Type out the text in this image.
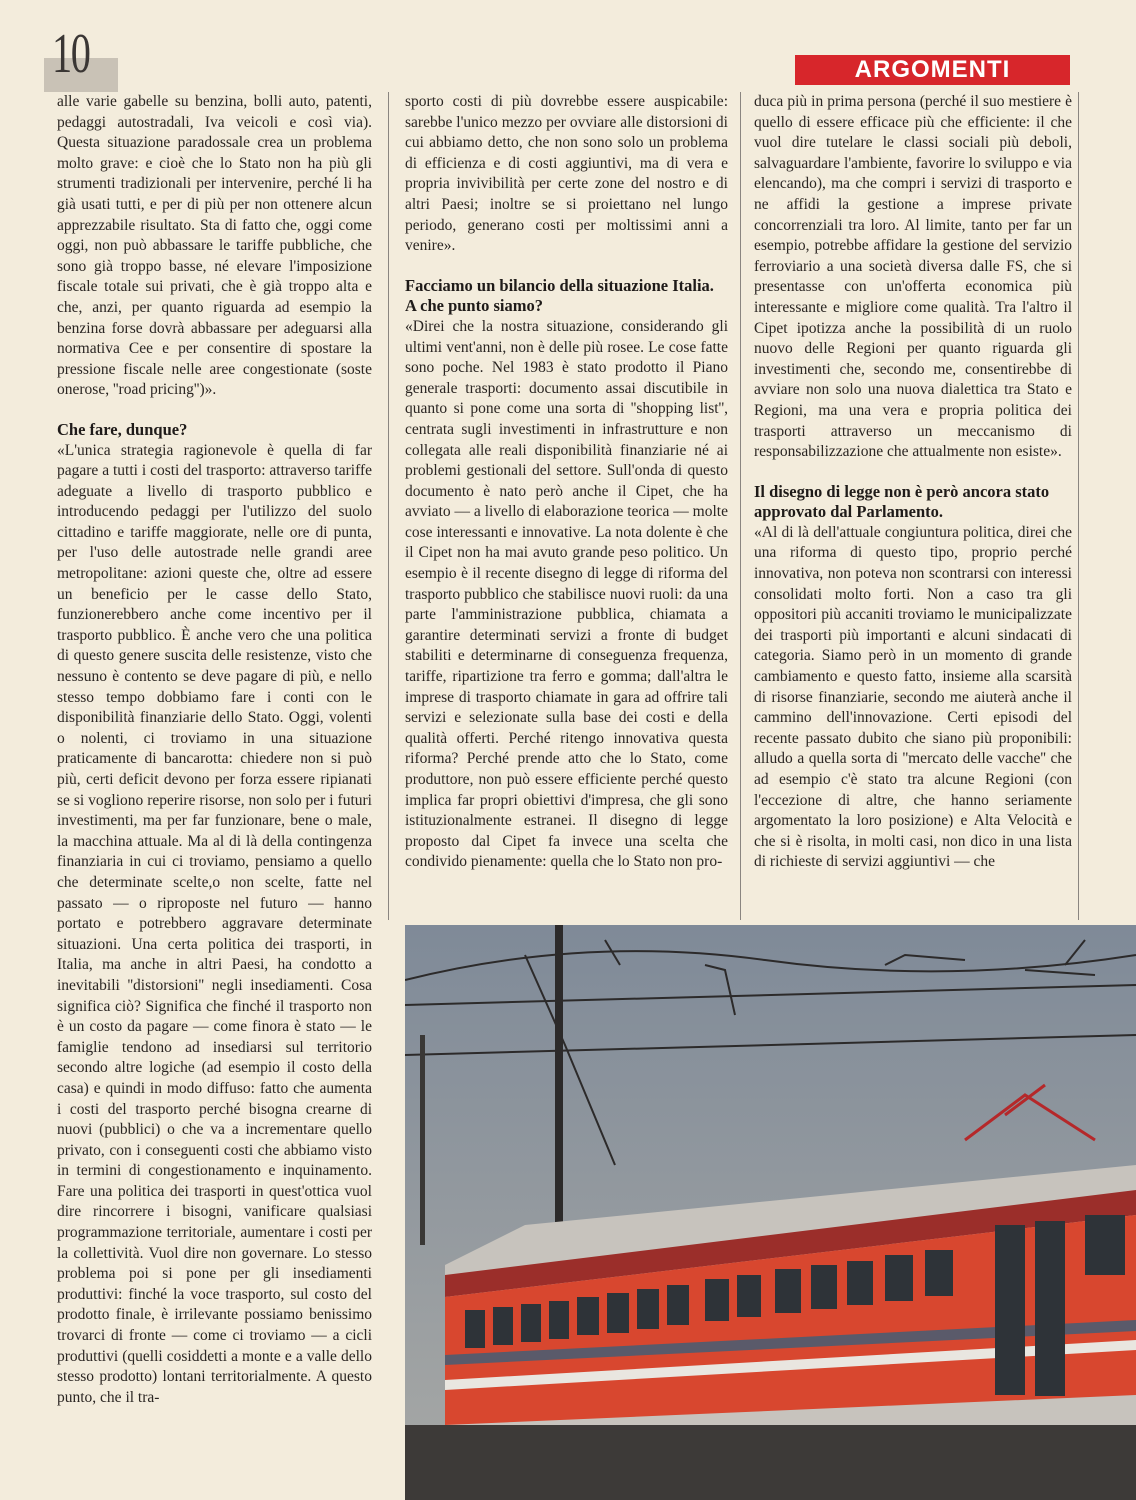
10	ARGOMENTI

alle varie gabelle su benzina, bolli auto, patenti, pedaggi autostradali, Iva veicoli e così via). Questa situazione paradossale crea un problema molto grave: e cioè che lo Stato non ha più gli strumenti tradizionali per intervenire, perché li ha già usati tutti, e per di più per non ottenere alcun apprezzabile risultato. Sta di fatto che, oggi come oggi, non può abbassare le tariffe pubbliche, che sono già troppo basse, né elevare l'imposizione fiscale totale sui privati, che è già troppo alta e che, anzi, per quanto riguarda ad esempio la benzina forse dovrà abbassare per adeguarsi alla normativa Cee e per consentire di spostare la pressione fiscale nelle aree congestionate (soste onerose, ''road pricing'')».

Che fare, dunque?

«L'unica strategia ragionevole è quella di far pagare a tutti i costi del trasporto: attraverso tariffe adeguate a livello di trasporto pubblico e introducendo pedaggi per l'utilizzo del suolo cittadino e tariffe maggiorate, nelle ore di punta, per l'uso delle autostrade nelle grandi aree metropolitane: azioni queste che, oltre ad essere un beneficio per le casse dello Stato, funzionerebbero anche come incentivo per il trasporto pubblico. È anche vero che una politica di questo genere suscita delle resistenze, visto che nessuno è contento se deve pagare di più, e nello stesso tempo dobbiamo fare i conti con le disponibilità finanziarie dello Stato. Oggi, volenti o nolenti, ci troviamo in una situazione praticamente di bancarotta: chiedere non si può più, certi deficit devono per forza essere ripianati se si vogliono reperire risorse, non solo per i futuri investimenti, ma per far funzionare, bene o male, la macchina attuale. Ma al di là della contingenza finanziaria in cui ci troviamo, pensiamo a quello che determinate scelte,o non scelte, fatte nel passato — o riproposte nel futuro — hanno portato e potrebbero aggravare determinate situazioni. Una certa politica dei trasporti, in Italia, ma anche in altri Paesi, ha condotto a inevitabili ''distorsioni'' negli insediamenti. Cosa significa ciò? Significa che finché il trasporto non è un costo da pagare — come finora è stato — le famiglie tendono ad insediarsi sul territorio secondo altre logiche (ad esempio il costo della casa) e quindi in modo diffuso: fatto che aumenta i costi del trasporto perché bisogna crearne di nuovi (pubblici) o che va a incrementare quello privato, con i conseguenti costi che abbiamo visto in termini di congestionamento e inquinamento. Fare una politica dei trasporti in quest'ottica vuol dire rincorrere i bisogni, vanificare qualsiasi programmazione territoriale, aumentare i costi per la collettività. Vuol dire non governare. Lo stesso problema poi si pone per gli insediamenti produttivi: finché la voce trasporto, sul costo del prodotto finale, è irrilevante possiamo benissimo trovarci di fronte — come ci troviamo — a cicli produttivi (quelli cosiddetti a monte e a valle dello stesso prodotto) lontani territorialmente. A questo punto, che il tra-

sporto costi di più dovrebbe essere auspicabile: sarebbe l'unico mezzo per ovviare alle distorsioni di cui abbiamo detto, che non sono solo un problema di efficienza e di costi aggiuntivi, ma di vera e propria invivibilità per certe zone del nostro e di altri Paesi; inoltre se si proiettano nel lungo periodo, generano costi per moltissimi anni a venire».

Facciamo un bilancio della situazione Italia. A che punto siamo?

«Direi che la nostra situazione, considerando gli ultimi vent'anni, non è delle più rosee. Le cose fatte sono poche. Nel 1983 è stato prodotto il Piano generale trasporti: documento assai discutibile in quanto si pone come una sorta di ''shopping list'', centrata sugli investimenti in infrastrutture e non collegata alle reali disponibilità finanziarie né ai problemi gestionali del settore. Sull'onda di questo documento è nato però anche il Cipet, che ha avviato — a livello di elaborazione teorica — molte cose interessanti e innovative. La nota dolente è che il Cipet non ha mai avuto grande peso politico. Un esempio è il recente disegno di legge di riforma del trasporto pubblico che stabilisce nuovi ruoli: da una parte l'amministrazione pubblica, chiamata a garantire determinati servizi a fronte di budget stabiliti e determinarne di conseguenza frequenza, tariffe, ripartizione tra ferro e gomma; dall'altra le imprese di trasporto chiamate in gara ad offrire tali servizi e selezionate sulla base dei costi e della qualità offerti. Perché ritengo innovativa questa riforma? Perché prende atto che lo Stato, come produttore, non può essere efficiente perché questo implica far propri obiettivi d'impresa, che gli sono istituzionalmente estranei. Il disegno di legge proposto dal Cipet fa invece una scelta che condivido pienamente: quella che lo Stato non pro-

duca più in prima persona (perché il suo mestiere è quello di essere efficace più che efficiente: il che vuol dire tutelare le classi sociali più deboli, salvaguardare l'ambiente, favorire lo sviluppo e via elencando), ma che compri i servizi di trasporto e ne affidi la gestione a imprese private concorrenziali tra loro. Al limite, tanto per far un esempio, potrebbe affidare la gestione del servizio ferroviario a una società diversa dalle FS, che si presentasse con un'offerta economica più interessante e migliore come qualità. Tra l'altro il Cipet ipotizza anche la possibilità di un ruolo nuovo delle Regioni per quanto riguarda gli investimenti che, secondo me, consentirebbe di avviare non solo una nuova dialettica tra Stato e Regioni, ma una vera e propria politica dei trasporti attraverso un meccanismo di responsabilizzazione che attualmente non esiste».

Il disegno di legge non è però ancora stato approvato dal Parlamento.

«Al di là dell'attuale congiuntura politica, direi che una riforma di questo tipo, proprio perché innovativa, non poteva non scontrarsi con interessi consolidati molto forti. Non a caso tra gli oppositori più accaniti troviamo le municipalizzate dei trasporti più importanti e alcuni sindacati di categoria. Siamo però in un momento di grande cambiamento e questo fatto, insieme alla scarsità di risorse finanziarie, secondo me aiuterà anche il cammino dell'innovazione. Certi episodi del recente passato dubito che siano più proponibili: alludo a quella sorta di ''mercato delle vacche'' che ad esempio c'è stato tra alcune Regioni (con l'eccezione di altre, che hanno seriamente argomentato la loro posizione) e Alta Velocità e che si è risolta, in molti casi, non dico in una lista di richieste di servizi aggiuntivi — che
